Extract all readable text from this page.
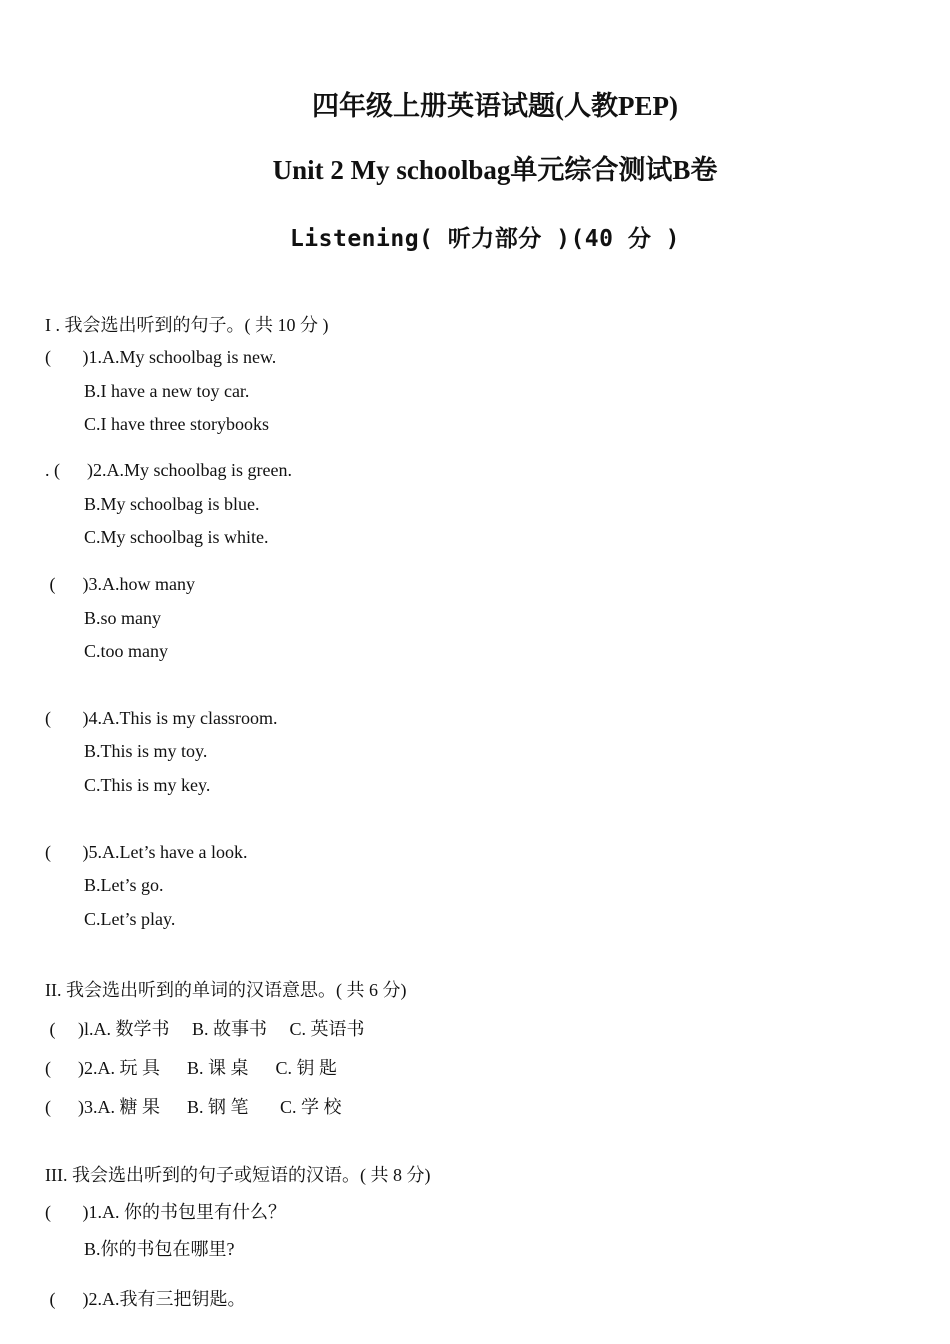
四年级上册英语试题(人教PEP)
Unit 2 My schoolbag单元综合测试B卷
Listening( 听力部分 )(40 分 )
I . 我会选出听到的句子。( 共 10 分 )
(       )1.A.My schoolbag is new.
B.I have a new toy car.
C.I have three storybooks
. (      )2.A.My schoolbag is green.
B.My schoolbag is blue.
C.My schoolbag is white.
(      )3.A.how many
B.so many
C.too many
(       )4.A.This is my classroom.
B.This is my toy.
C.This is my key.
(       )5.A.Let’s have a look.
B.Let’s go.
C.Let’s play.
II. 我会选出听到的单词的汉语意思。( 共 6 分)
(     )l.A. 数学书     B. 故事书     C. 英语书
(      )2.A. 玩 具      B. 课 桌      C. 钥 匙
(      )3.A. 糖 果      B. 钢 笔       C. 学 校
III. 我会选出听到的句子或短语的汉语。( 共 8 分)
(       )1.A. 你的书包里有什么？
B.你的书包在哪里?
(      )2.A.我有三把钥匙。
